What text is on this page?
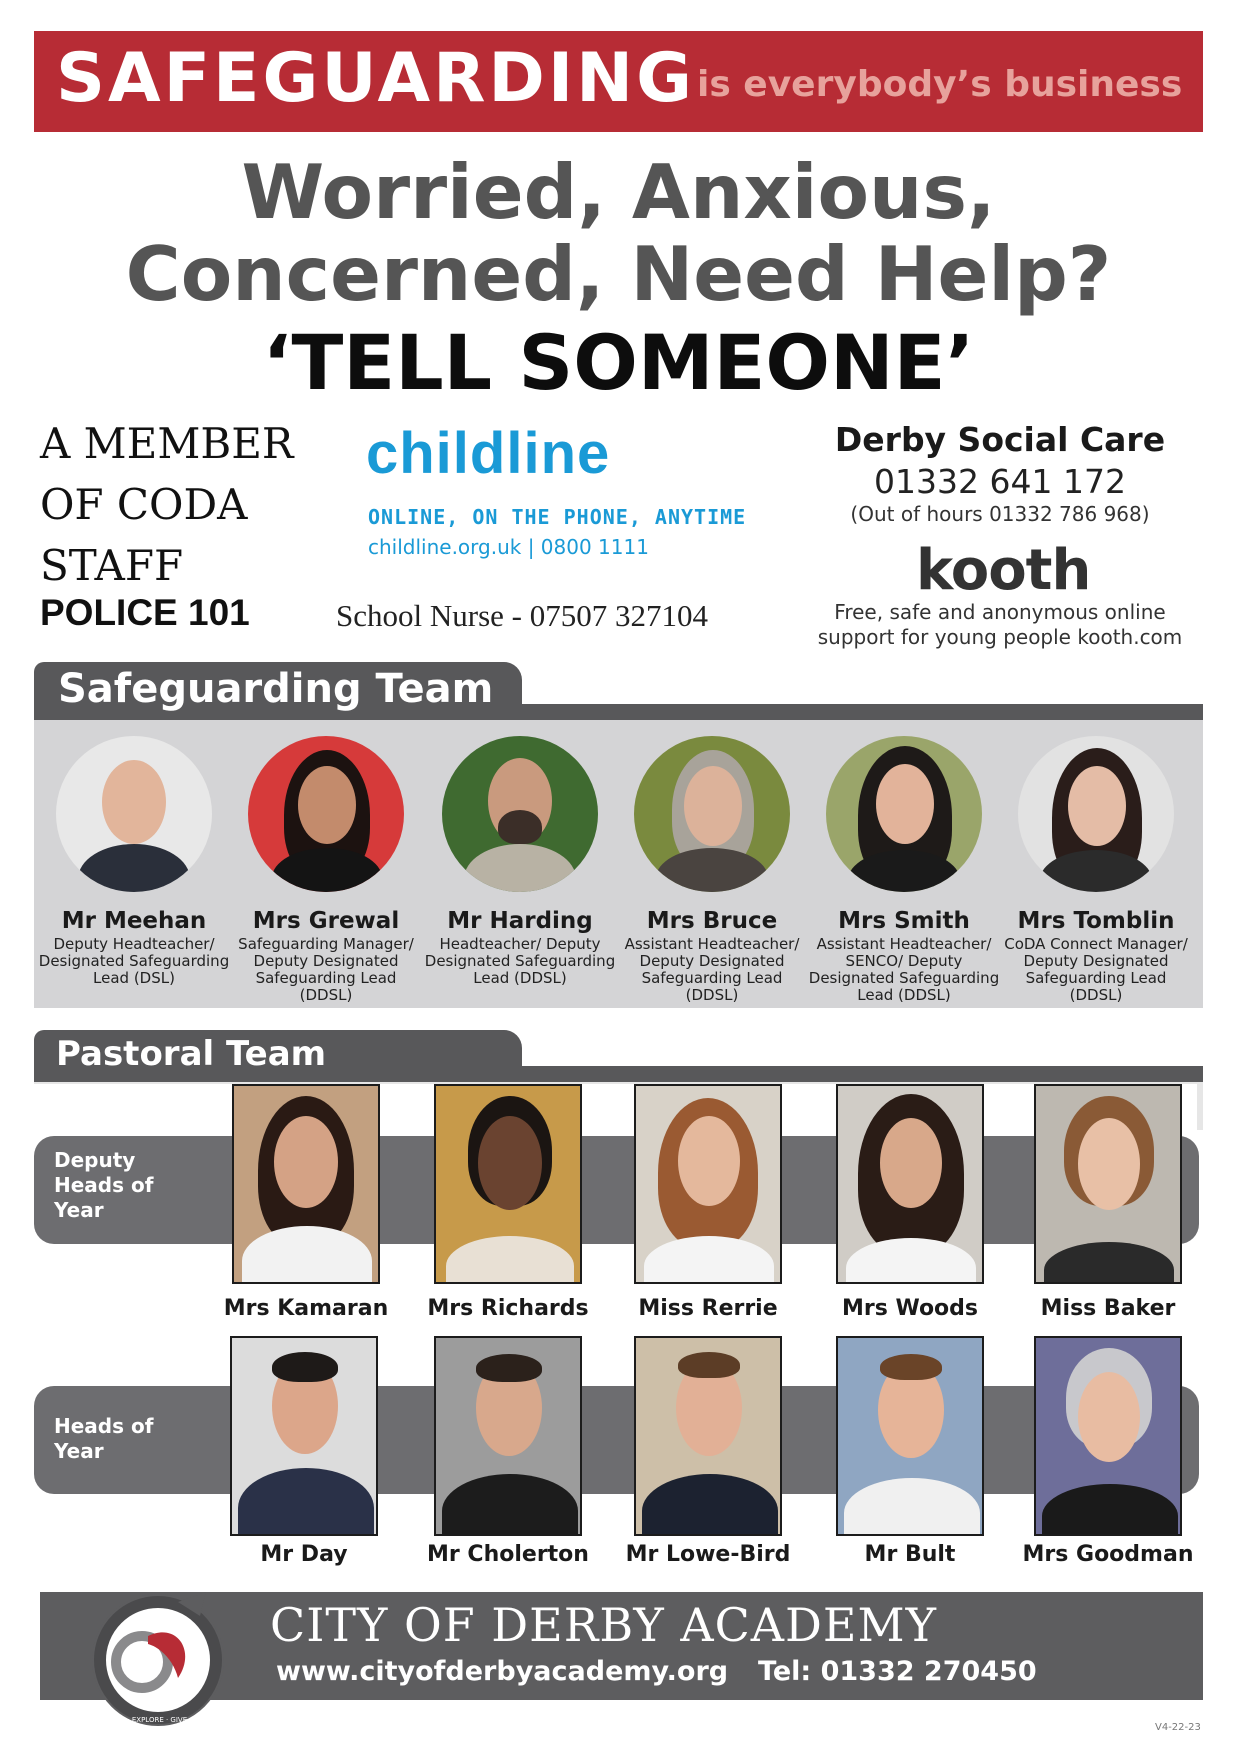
SAFEGUARDING is everybody’s business
Worried, Anxious,
Concerned, Need Help?
‘TELL SOMEONE’
A MEMBER
OF CODA
STAFF
POLICE 101
childline
ONLINE, ON THE PHONE, ANYTIME
childline.org.uk | 0800 1111
School Nurse - 07507 327104
Derby Social Care
01332 641 172
(Out of hours 01332 786 968)
kooth
Free, safe and anonymous online support for young people kooth.com
Safeguarding Team
Mr Meehan
Deputy Headteacher/ Designated Safeguarding Lead (DSL)
Mrs Grewal
Safeguarding Manager/ Deputy Designated Safeguarding Lead (DDSL)
Mr Harding
Headteacher/ Deputy Designated Safeguarding Lead (DDSL)
Mrs Bruce
Assistant Headteacher/ Deputy Designated Safeguarding Lead (DDSL)
Mrs Smith
Assistant Headteacher/ SENCO/ Deputy Designated Safeguarding Lead (DDSL)
Mrs Tomblin
CoDA Connect Manager/ Deputy Designated Safeguarding Lead (DDSL)
Pastoral Team
Deputy Heads of Year
Heads of Year
Mrs Kamaran	Mrs Richards	Miss Rerrie	Mrs Woods	Miss Baker
Mr Day	Mr Cholerton	Mr Lowe-Bird	Mr Bult	Mrs Goodman
CITY OF DERBY ACADEMY
www.cityofderbyacademy.org Tel: 01332 270450
QUESTION · EXPLORE · GIVE · SUCCEED
V4-22-23
